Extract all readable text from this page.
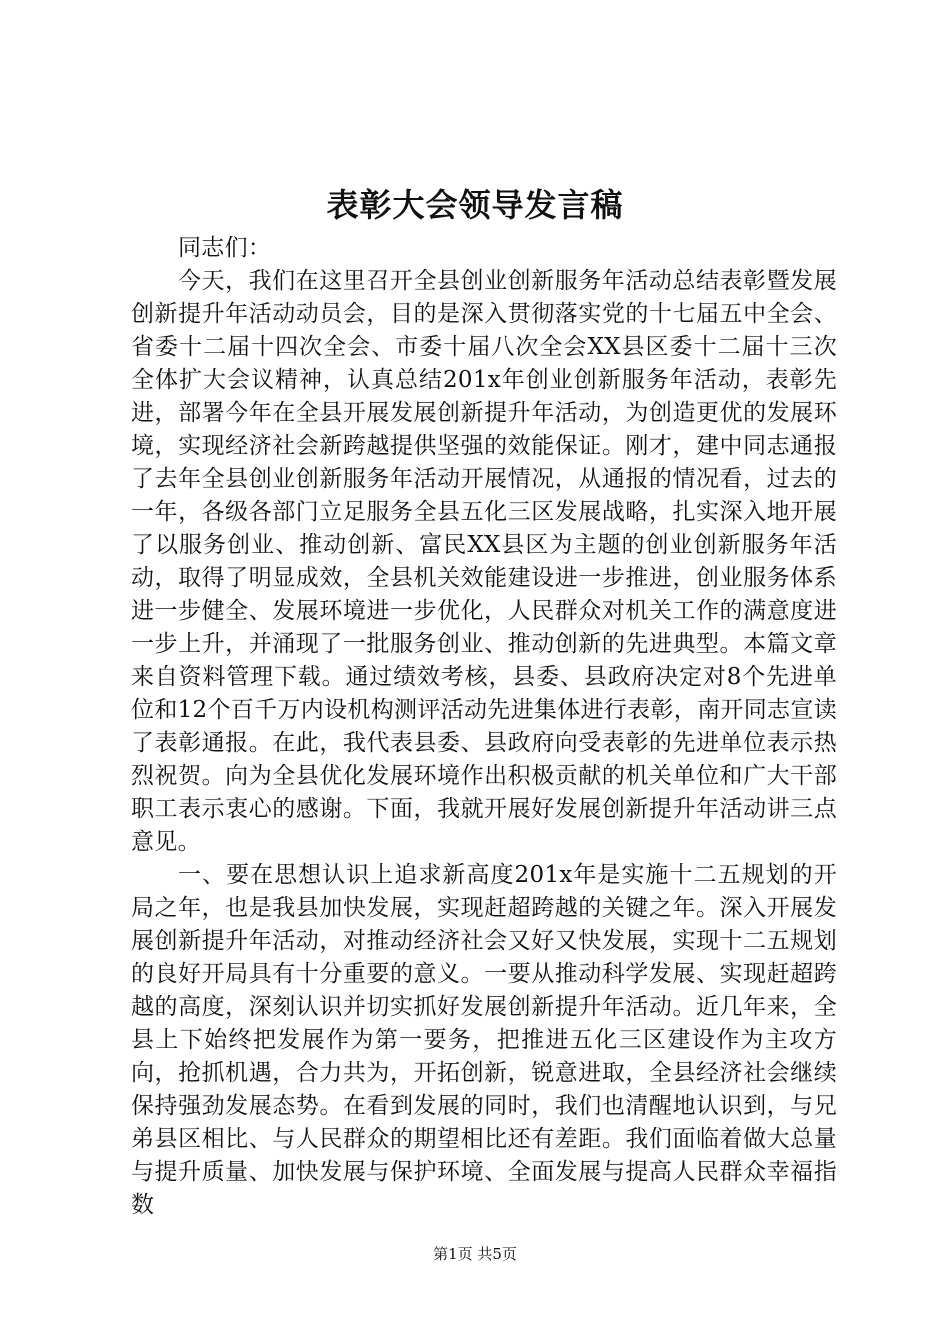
表彰大会领导发言稿

同志们：

今天，我们在这里召开全县创业创新服务年活动总结表彰暨发展创新提升年活动动员会，目的是深入贯彻落实党的十七届五中全会、省委十二届十四次全会、市委十届八次全会XX县区委十二届十三次全体扩大会议精神，认真总结201x年创业创新服务年活动，表彰先进，部署今年在全县开展发展创新提升年活动，为创造更优的发展环境，实现经济社会新跨越提供坚强的效能保证。刚才，建中同志通报了去年全县创业创新服务年活动开展情况，从通报的情况看，过去的一年，各级各部门立足服务全县五化三区发展战略，扎实深入地开展了以服务创业、推动创新、富民XX县区为主题的创业创新服务年活动，取得了明显成效，全县机关效能建设进一步推进，创业服务体系进一步健全、发展环境进一步优化，人民群众对机关工作的满意度进一步上升，并涌现了一批服务创业、推动创新的先进典型。本篇文章来自资料管理下载。通过绩效考核，县委、县政府决定对8个先进单位和12个百千万内设机构测评活动先进集体进行表彰，南开同志宣读了表彰通报。在此，我代表县委、县政府向受表彰的先进单位表示热烈祝贺。向为全县优化发展环境作出积极贡献的机关单位和广大干部职工表示衷心的感谢。下面，我就开展好发展创新提升年活动讲三点意见。

一、要在思想认识上追求新高度201x年是实施十二五规划的开局之年，也是我县加快发展，实现赶超跨越的关键之年。深入开展发展创新提升年活动，对推动经济社会又好又快发展，实现十二五规划的良好开局具有十分重要的意义。一要从推动科学发展、实现赶超跨越的高度，深刻认识并切实抓好发展创新提升年活动。近几年来，全县上下始终把发展作为第一要务，把推进五化三区建设作为主攻方向，抢抓机遇，合力共为，开拓创新，锐意进取，全县经济社会继续保持强劲发展态势。在看到发展的同时，我们也清醒地认识到，与兄弟县区相比、与人民群众的期望相比还有差距。我们面临着做大总量与提升质量、加快发展与保护环境、全面发展与提高人民群众幸福指数

第1页 共5页
